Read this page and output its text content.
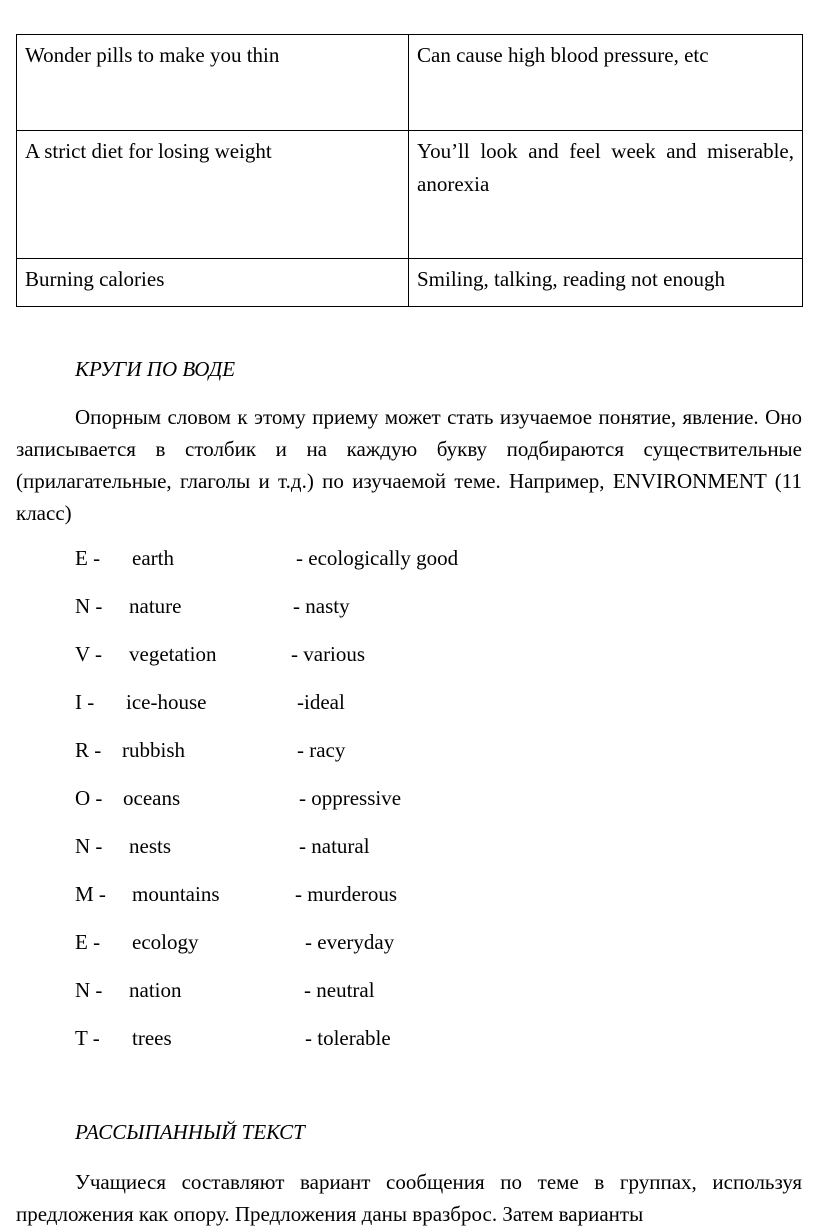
Wonder pills to make you thin	Can cause high blood pressure, etc
A strict diet for losing weight	You’ll look and feel week and miserable, anorexia
Burning calories	Smiling, talking, reading not enough
КРУГИ ПО ВОДЕ
Опорным словом к этому приему может стать изучаемое понятие, явление. Оно записывается в столбик и на каждую букву подбираются существительные (прилагательные, глаголы и т.д.) по изучаемой теме. Например, ENVIRONMENT (11 класс)
E - earth	- ecologically good
N - nature	- nasty
V - vegetation	- various
I - ice-house	-ideal
R - rubbish	- racy
O - oceans	- oppressive
N - nests	- natural
M - mountains	- murderous
E - ecology	- everyday
N - nation	- neutral
T - trees	- tolerable
РАССЫПАННЫЙ ТЕКСТ
Учащиеся составляют вариант сообщения по теме в группах, используя предложения как опору. Предложения даны вразброс. Затем варианты
